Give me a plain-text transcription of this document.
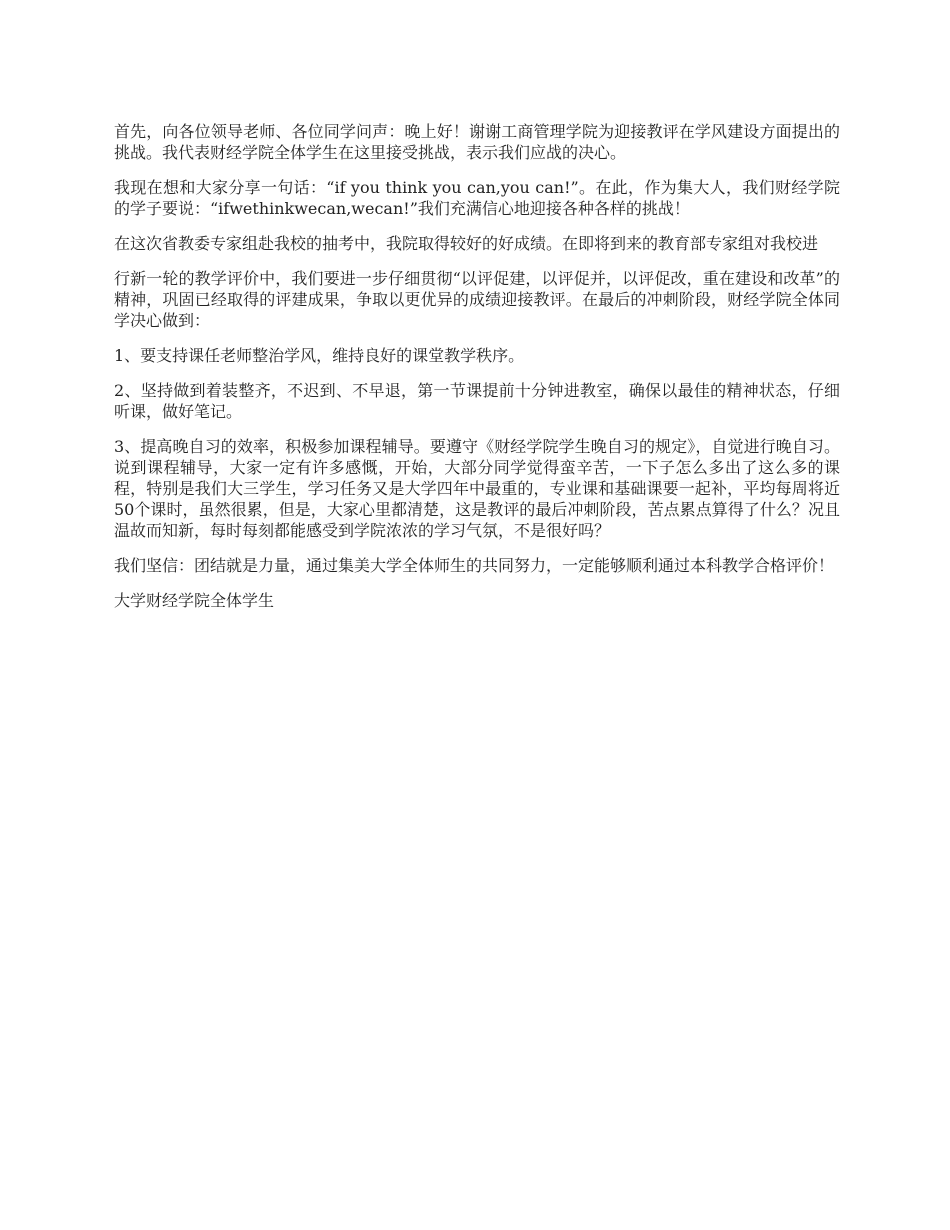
首先，向各位领导老师、各位同学问声：晚上好！谢谢工商管理学院为迎接教评在学风建设方面提出的挑战。我代表财经学院全体学生在这里接受挑战，表示我们应战的决心。

我现在想和大家分享一句话：“if you think you can,you can!”。在此，作为集大人，我们财经学院的学子要说：“ifwethinkwecan,wecan!”我们充满信心地迎接各种各样的挑战！

在这次省教委专家组赴我校的抽考中，我院取得较好的好成绩。在即将到来的教育部专家组对我校进

行新一轮的教学评价中，我们要进一步仔细贯彻“以评促建，以评促并，以评促改，重在建设和改革”的精神，巩固已经取得的评建成果，争取以更优异的成绩迎接教评。在最后的冲刺阶段，财经学院全体同学决心做到：

1、要支持课任老师整治学风，维持良好的课堂教学秩序。

2、坚持做到着装整齐，不迟到、不早退，第一节课提前十分钟进教室，确保以最佳的精神状态，仔细听课，做好笔记。

3、提高晚自习的效率，积极参加课程辅导。要遵守《财经学院学生晚自习的规定》，自觉进行晚自习。说到课程辅导，大家一定有许多感慨，开始，大部分同学觉得蛮辛苦，一下子怎么多出了这么多的课程，特别是我们大三学生，学习任务又是大学四年中最重的，专业课和基础课要一起补，平均每周将近50个课时，虽然很累，但是，大家心里都清楚，这是教评的最后冲刺阶段，苦点累点算得了什么？况且温故而知新，每时每刻都能感受到学院浓浓的学习气氛，不是很好吗？

我们坚信：团结就是力量，通过集美大学全体师生的共同努力，一定能够顺利通过本科教学合格评价！

大学财经学院全体学生
